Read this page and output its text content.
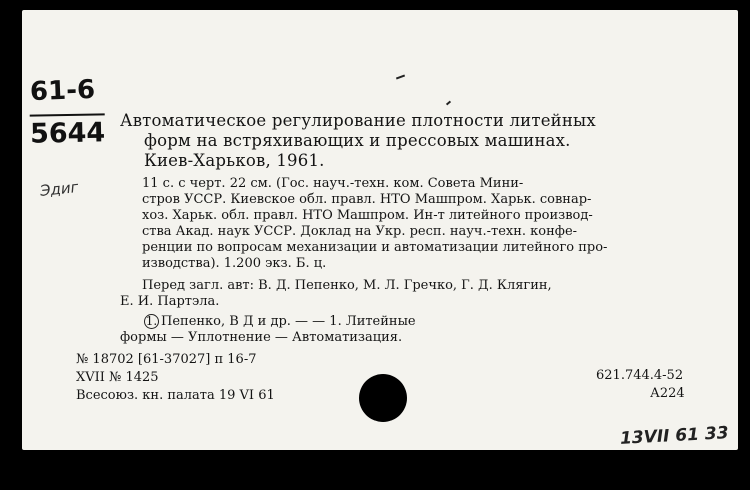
61-6
5644
Эдиг
Автоматическое регулирование плотности литейных
форм на встряхивающих и прессовых машинах.
Киев-Харьков, 1961.
11 с. с черт. 22 см. (Гос. науч.-техн. ком. Совета Мини-
стров УССР. Киевское обл. правл. НТО Машпром. Харьк. совнар-
хоз. Харьк. обл. правл. НТО Машпром. Ин-т литейного производ-
ства Акад. наук УССР. Доклад на Укр. респ. науч.-техн. конфе-
ренции по вопросам механизации и автоматизации литейного про-
изводства). 1.200 экз. Б. ц.
Перед загл. авт: В. Д. Пепенко, М. Л. Гречко, Г. Д. Клягин,
Е. И. Партэла.
1. Пепенко, В Д и др. — — 1. Литейные
формы — Уплотнение — Автоматизация.
№ 18702 [61-37027] п 16-7
XVII № 1425
Всесоюз. кн. палата 19 VI 61
621.744.4-52
А224
13VII 61 33
